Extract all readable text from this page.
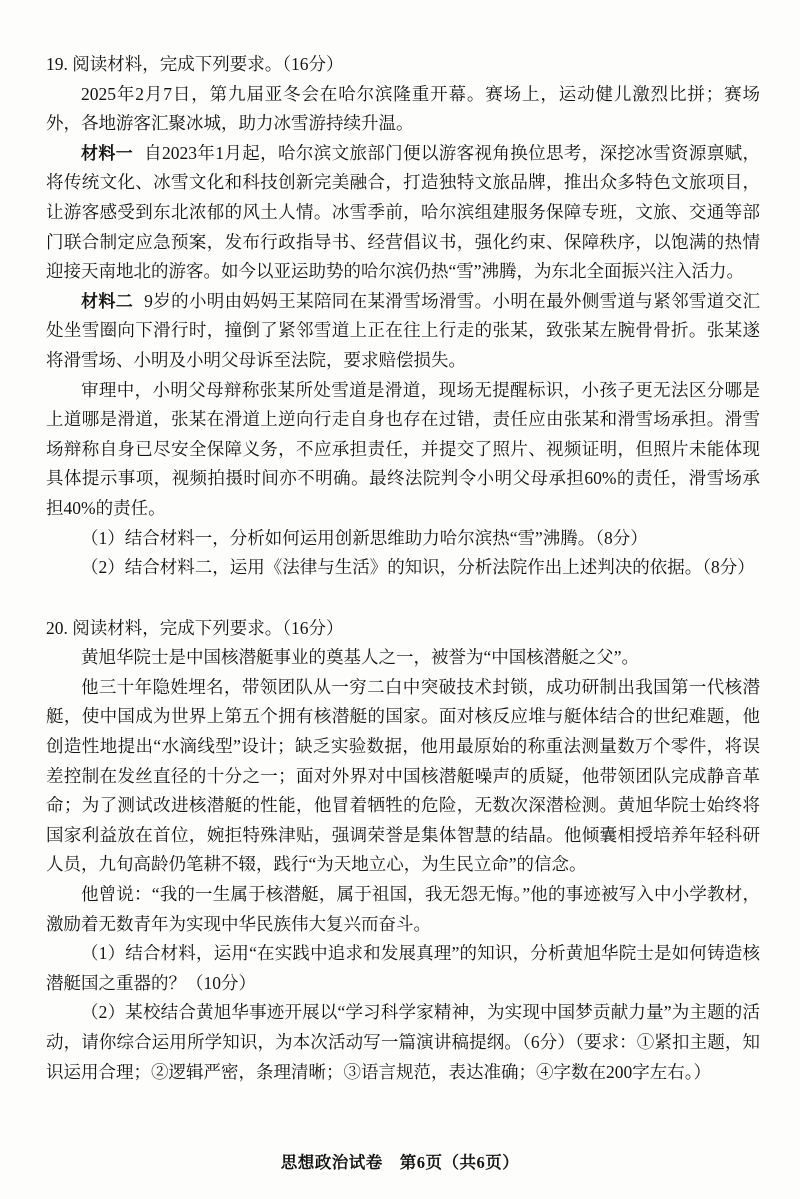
19. 阅读材料，完成下列要求。（16分）

2025年2月7日，第九届亚冬会在哈尔滨隆重开幕。赛场上，运动健儿激烈比拼；赛场外，各地游客汇聚冰城，助力冰雪游持续升温。

材料一 自2023年1月起，哈尔滨文旅部门便以游客视角换位思考，深挖冰雪资源禀赋，将传统文化、冰雪文化和科技创新完美融合，打造独特文旅品牌，推出众多特色文旅项目，让游客感受到东北浓郁的风土人情。冰雪季前，哈尔滨组建服务保障专班，文旅、交通等部门联合制定应急预案，发布行政指导书、经营倡议书，强化约束、保障秩序，以饱满的热情迎接天南地北的游客。如今以亚运助势的哈尔滨仍热“雪”沸腾，为东北全面振兴注入活力。

材料二 9岁的小明由妈妈王某陪同在某滑雪场滑雪。小明在最外侧雪道与紧邻雪道交汇处坐雪圈向下滑行时，撞倒了紧邻雪道上正在往上行走的张某，致张某左腕骨骨折。张某遂将滑雪场、小明及小明父母诉至法院，要求赔偿损失。

审理中，小明父母辩称张某所处雪道是滑道，现场无提醒标识，小孩子更无法区分哪是上道哪是滑道，张某在滑道上逆向行走自身也存在过错，责任应由张某和滑雪场承担。滑雪场辩称自身已尽安全保障义务，不应承担责任，并提交了照片、视频证明，但照片未能体现具体提示事项，视频拍摄时间亦不明确。最终法院判令小明父母承担60%的责任，滑雪场承担40%的责任。

（1）结合材料一，分析如何运用创新思维助力哈尔滨热“雪”沸腾。（8分）

（2）结合材料二，运用《法律与生活》的知识，分析法院作出上述判决的依据。（8分）

20. 阅读材料，完成下列要求。（16分）

黄旭华院士是中国核潜艇事业的奠基人之一，被誉为“中国核潜艇之父”。

他三十年隐姓埋名，带领团队从一穷二白中突破技术封锁，成功研制出我国第一代核潜艇，使中国成为世界上第五个拥有核潜艇的国家。面对核反应堆与艇体结合的世纪难题，他创造性地提出“水滴线型”设计；缺乏实验数据，他用最原始的称重法测量数万个零件，将误差控制在发丝直径的十分之一；面对外界对中国核潜艇噪声的质疑，他带领团队完成静音革命；为了测试改进核潜艇的性能，他冒着牺牲的危险，无数次深潜检测。黄旭华院士始终将国家利益放在首位，婉拒特殊津贴，强调荣誉是集体智慧的结晶。他倾囊相授培养年轻科研人员，九旬高龄仍笔耕不辍，践行“为天地立心，为生民立命”的信念。

他曾说：“我的一生属于核潜艇，属于祖国，我无怨无悔。”他的事迹被写入中小学教材，激励着无数青年为实现中华民族伟大复兴而奋斗。

（1）结合材料，运用“在实践中追求和发展真理”的知识，分析黄旭华院士是如何铸造核潜艇国之重器的？（10分）

（2）某校结合黄旭华事迹开展以“学习科学家精神，为实现中国梦贡献力量”为主题的活动，请你综合运用所学知识，为本次活动写一篇演讲稿提纲。（6分）（要求：①紧扣主题，知识运用合理；②逻辑严密，条理清晰；③语言规范，表达准确；④字数在200字左右。）

思想政治试卷　第6页（共6页）
